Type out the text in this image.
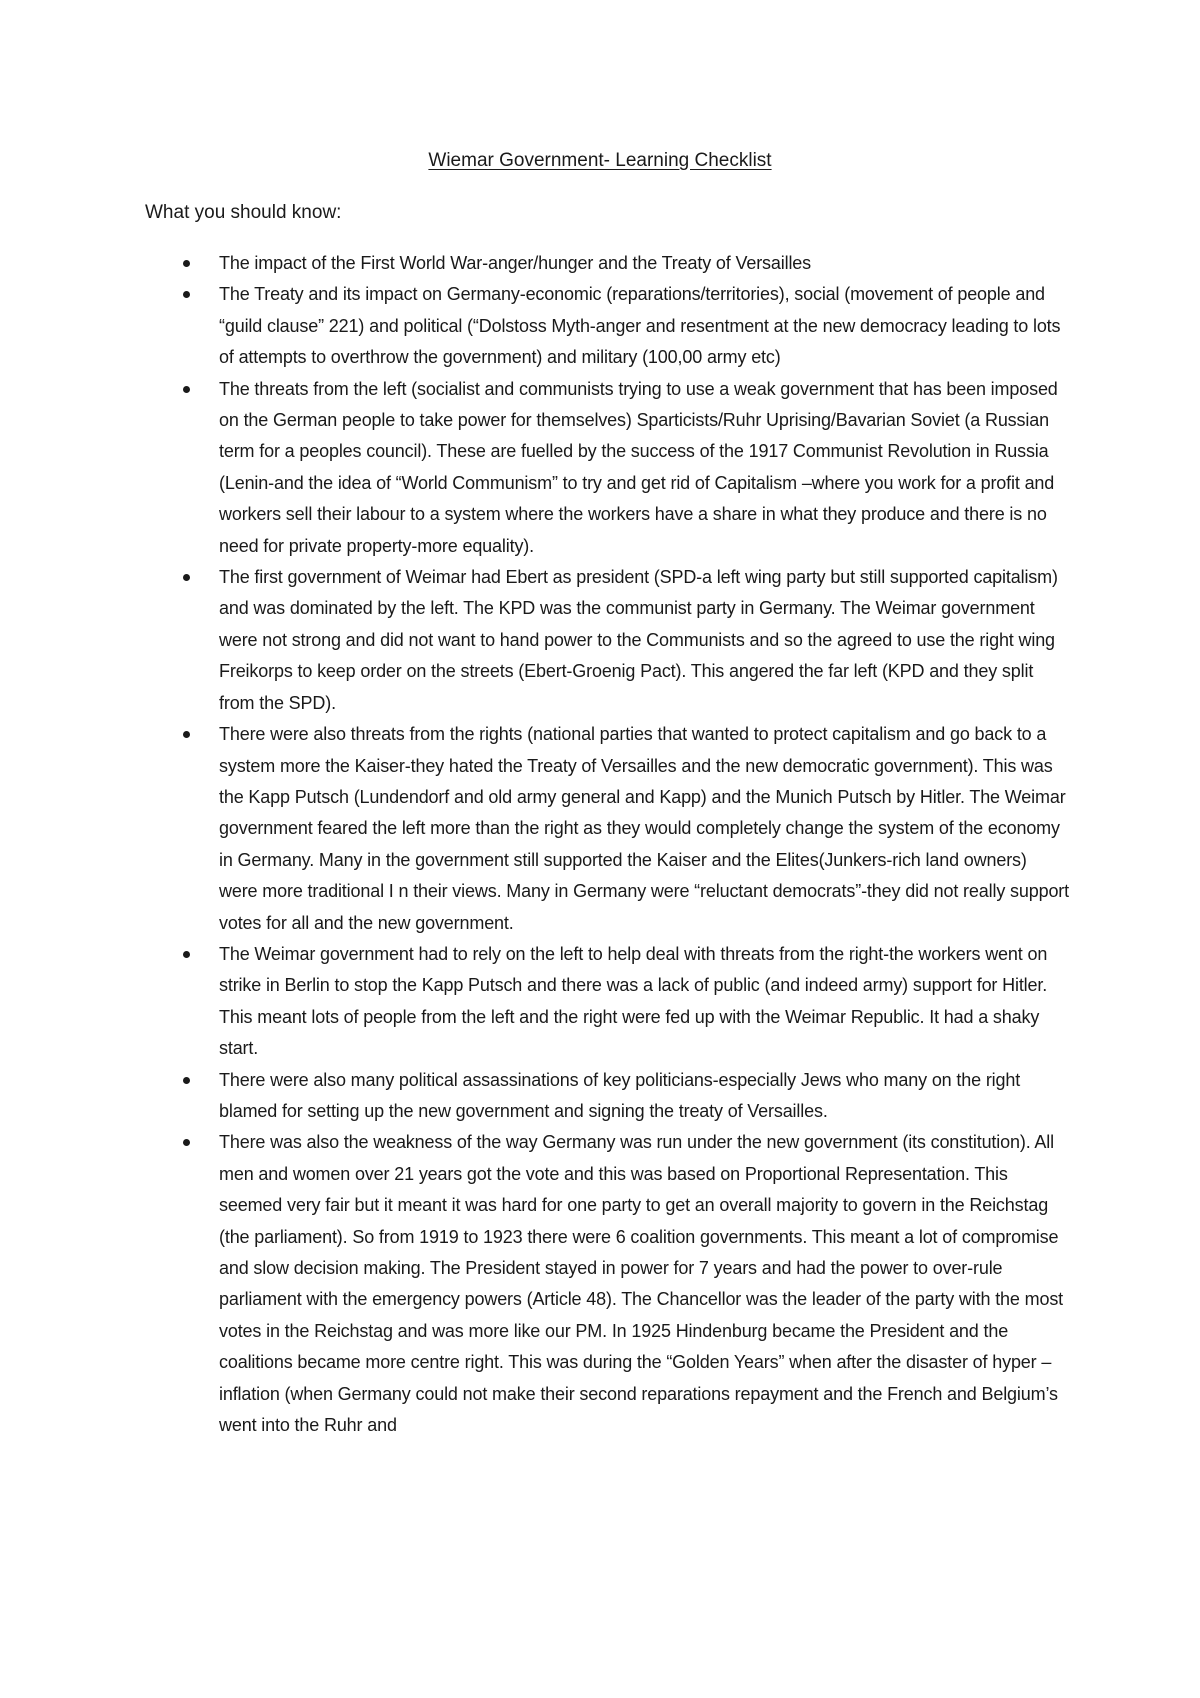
Wiemar Government- Learning Checklist
What you should know:
The impact of the First World War-anger/hunger and the Treaty of Versailles
The Treaty and its impact on Germany-economic (reparations/territories), social (movement of people and “guild clause” 221) and political (“Dolstoss Myth-anger and resentment at the new democracy leading to lots of attempts to overthrow the government) and military (100,00 army etc)
The threats from the left (socialist and communists trying to use a weak government that has been imposed on the German people to take power for themselves) Sparticists/Ruhr Uprising/Bavarian Soviet (a Russian term for a peoples council). These are fuelled by the success of the 1917 Communist Revolution in Russia (Lenin-and the idea of “World Communism” to try and get rid of Capitalism –where you work for a profit and workers sell their labour to a system where the workers have a share in what they produce and there is no need for private property-more equality).
The first government of Weimar had Ebert as president (SPD-a left wing party but still supported capitalism) and was dominated by the left. The KPD was the communist party in Germany. The Weimar government were not strong and did not want to hand power to the Communists and so the agreed to use the right wing Freikorps to keep order on the streets (Ebert-Groenig Pact). This angered the far left (KPD and they split from the SPD).
There were also threats from the rights (national parties that wanted to protect capitalism and go back to a system more the Kaiser-they hated the Treaty of Versailles and the new democratic government). This was the Kapp Putsch (Lundendorf and old army general and Kapp) and the Munich Putsch by Hitler. The Weimar government feared the left more than the right as they would completely change the system of the economy in Germany. Many in the government still supported the Kaiser and the Elites(Junkers-rich land owners) were more traditional I n their views. Many in Germany were “reluctant democrats”-they did not really support votes for all and the new government.
The Weimar government had to rely on the left to help deal with threats from the right-the workers went on strike in Berlin to stop the Kapp Putsch and there was a lack of public (and indeed army) support for Hitler. This meant lots of people from the left and the right were fed up with the Weimar Republic. It had a shaky start.
There were also many political assassinations of key politicians-especially Jews who many on the right blamed for setting up the new government and signing the treaty of Versailles.
There was also the weakness of the way Germany was run under the new government (its constitution). All men and women over 21 years got the vote and this was based on Proportional Representation. This seemed very fair but it meant it was hard for one party to get an overall majority to govern in the Reichstag (the parliament). So from 1919 to 1923 there were 6 coalition governments. This meant a lot of compromise and slow decision making. The President stayed in power for 7 years and had the power to over-rule parliament with the emergency powers (Article 48). The Chancellor was the leader of the party with the most votes in the Reichstag and was more like our PM. In 1925 Hindenburg became the President and the coalitions became more centre right. This was during the “Golden Years” when after the disaster of hyper –inflation (when Germany could not make their second reparations repayment and the French and Belgium’s went into the Ruhr and
